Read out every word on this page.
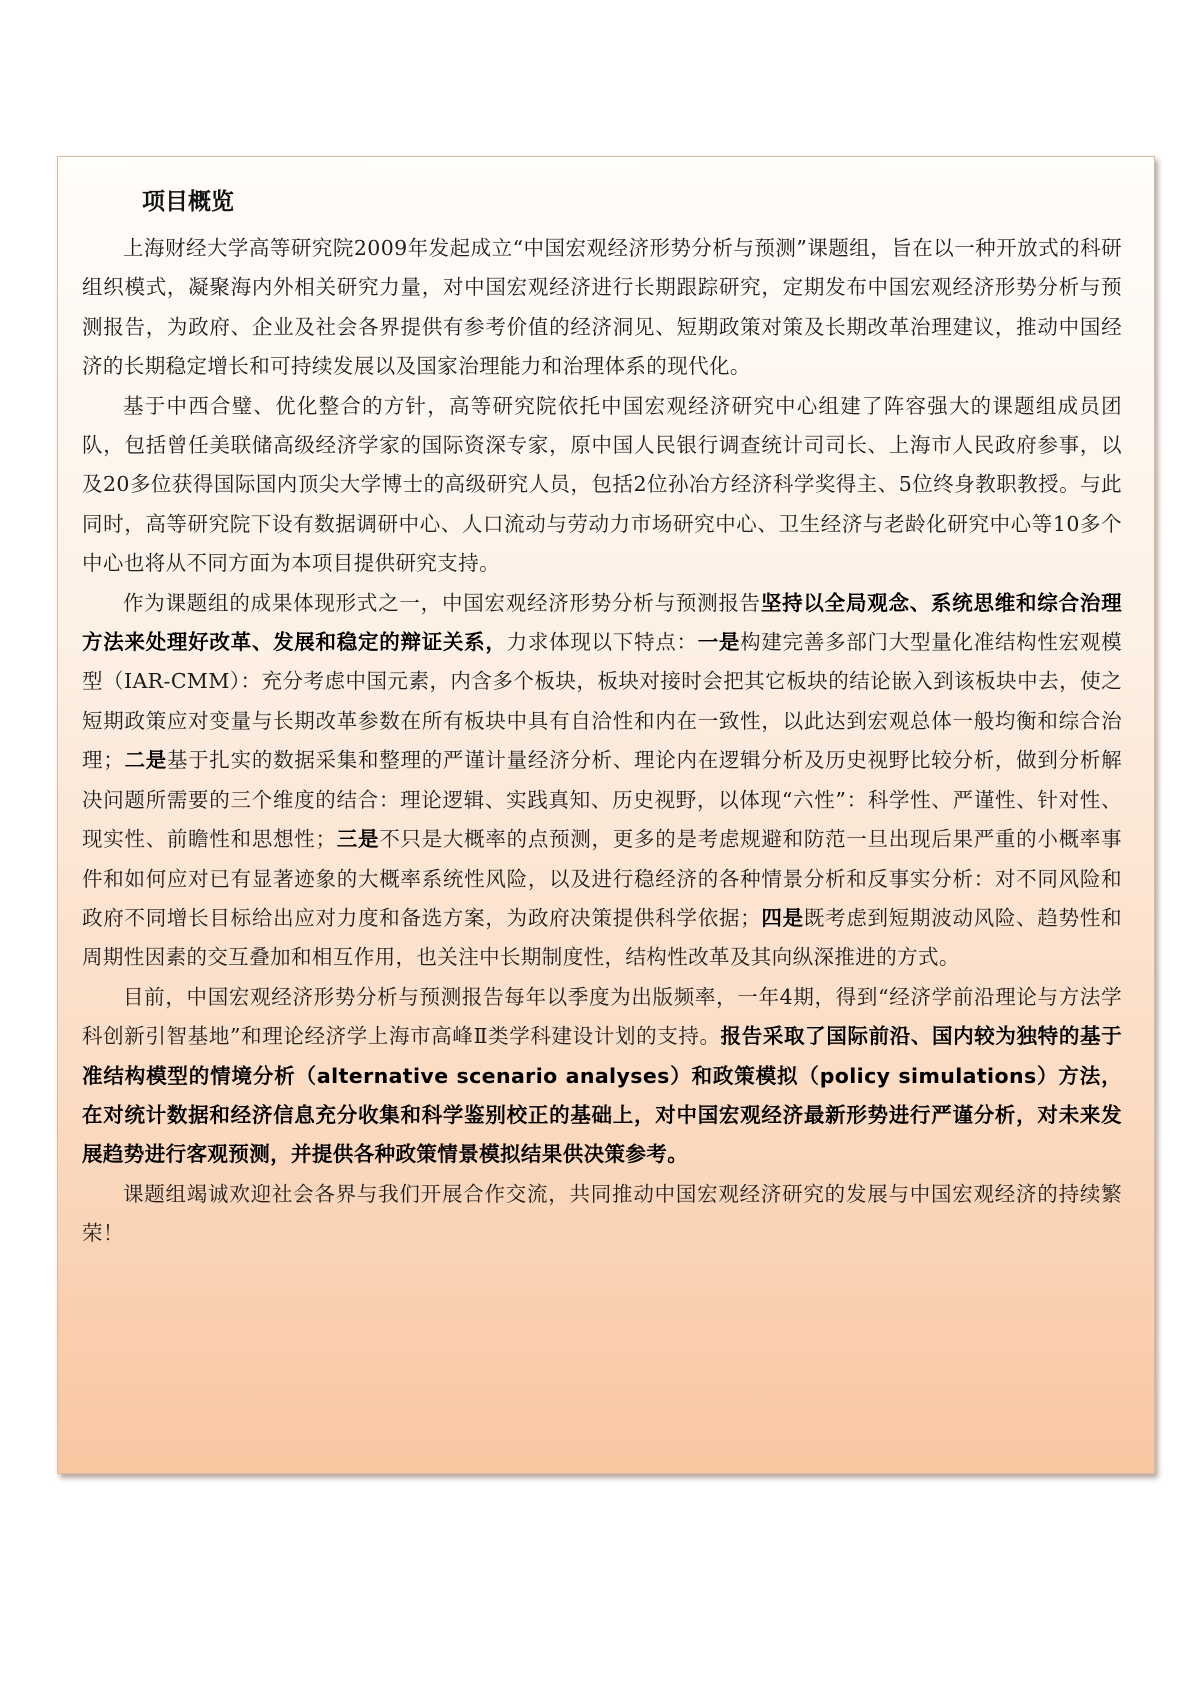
项目概览

上海财经大学高等研究院2009年发起成立“中国宏观经济形势分析与预测”课题组，旨在以一种开放式的科研组织模式，凝聚海内外相关研究力量，对中国宏观经济进行长期跟踪研究，定期发布中国宏观经济形势分析与预测报告，为政府、企业及社会各界提供有参考价值的经济洞见、短期政策对策及长期改革治理建议，推动中国经济的长期稳定增长和可持续发展以及国家治理能力和治理体系的现代化。

基于中西合璧、优化整合的方针，高等研究院依托中国宏观经济研究中心组建了阵容强大的课题组成员团队，包括曾任美联储高级经济学家的国际资深专家，原中国人民银行调查统计司司长、上海市人民政府参事，以及20多位获得国际国内顶尖大学博士的高级研究人员，包括2位孙冶方经济科学奖得主、5位终身教职教授。与此同时，高等研究院下设有数据调研中心、人口流动与劳动力市场研究中心、卫生经济与老龄化研究中心等10多个中心也将从不同方面为本项目提供研究支持。

作为课题组的成果体现形式之一，中国宏观经济形势分析与预测报告坚持以全局观念、系统思维和综合治理方法来处理好改革、发展和稳定的辩证关系，力求体现以下特点：一是构建完善多部门大型量化准结构性宏观模型（IAR-CMM）：充分考虑中国元素，内含多个板块，板块对接时会把其它板块的结论嵌入到该板块中去，使之短期政策应对变量与长期改革参数在所有板块中具有自洽性和内在一致性，以此达到宏观总体一般均衡和综合治理；二是基于扎实的数据采集和整理的严谨计量经济分析、理论内在逻辑分析及历史视野比较分析，做到分析解决问题所需要的三个维度的结合：理论逻辑、实践真知、历史视野，以体现“六性”：科学性、严谨性、针对性、现实性、前瞻性和思想性；三是不只是大概率的点预测，更多的是考虑规避和防范一旦出现后果严重的小概率事件和如何应对已有显著迹象的大概率系统性风险，以及进行稳经济的各种情景分析和反事实分析：对不同风险和政府不同增长目标给出应对力度和备选方案，为政府决策提供科学依据；四是既考虑到短期波动风险、趋势性和周期性因素的交互叠加和相互作用，也关注中长期制度性，结构性改革及其向纵深推进的方式。

目前，中国宏观经济形势分析与预测报告每年以季度为出版频率，一年4期，得到“经济学前沿理论与方法学科创新引智基地”和理论经济学上海市高峰Ⅱ类学科建设计划的支持。报告采取了国际前沿、国内较为独特的基于准结构模型的情境分析（alternative scenario analyses）和政策模拟（policy simulations）方法，在对统计数据和经济信息充分收集和科学鉴别校正的基础上，对中国宏观经济最新形势进行严谨分析，对未来发展趋势进行客观预测，并提供各种政策情景模拟结果供决策参考。

课题组竭诚欢迎社会各界与我们开展合作交流，共同推动中国宏观经济研究的发展与中国宏观经济的持续繁荣！
